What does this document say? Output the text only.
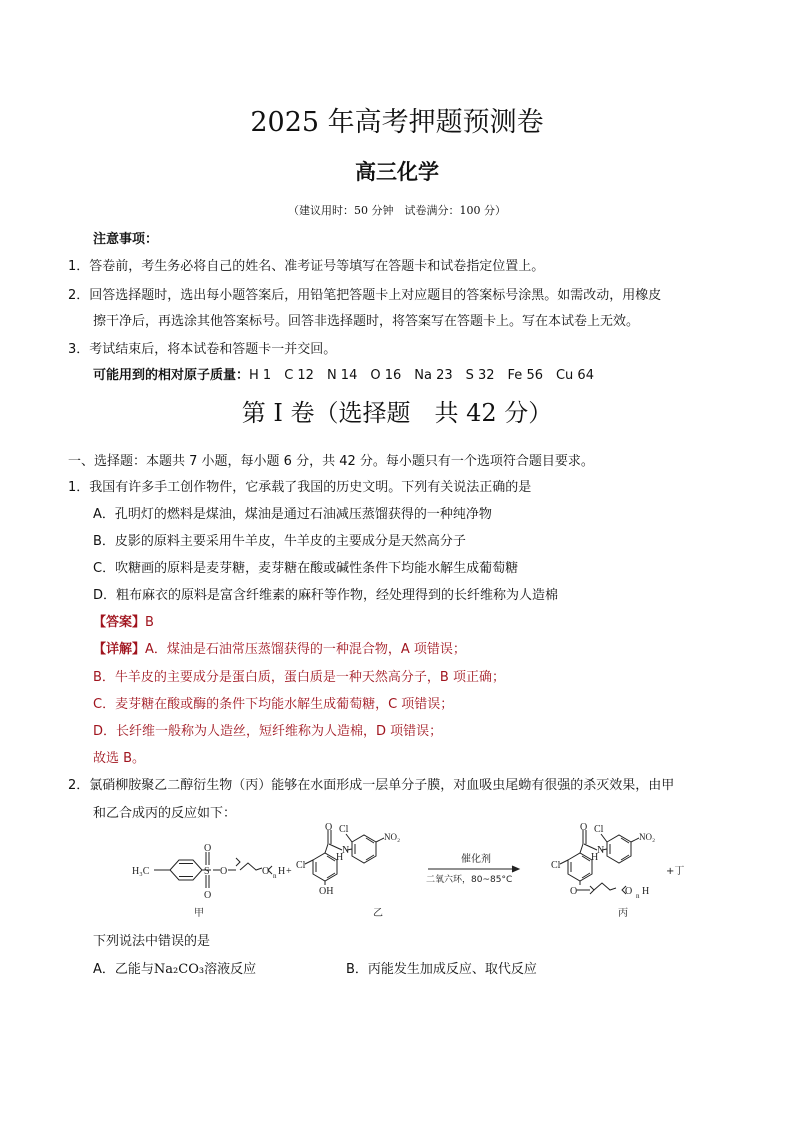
2025 年高考押题预测卷
高三化学
（建议用时：50 分钟　试卷满分：100 分）
注意事项：
1．答卷前，考生务必将自己的姓名、准考证号等填写在答题卡和试卷指定位置上。
2．回答选择题时，选出每小题答案后，用铅笔把答题卡上对应题目的答案标号涂黑。如需改动，用橡皮
擦干净后，再选涂其他答案标号。回答非选择题时，将答案写在答题卡上。写在本试卷上无效。
3．考试结束后，将本试卷和答题卡一并交回。
可能用到的相对原子质量：H 1　C 12　N 14　O 16　Na 23　S 32　Fe 56　Cu 64
第 I 卷（选择题　共 42 分）
一、选择题：本题共 7 小题，每小题 6 分，共 42 分。每小题只有一个选项符合题目要求。
1．我国有许多手工创作物件，它承载了我国的历史文明。下列有关说法正确的是
A．孔明灯的燃料是煤油，煤油是通过石油减压蒸馏获得的一种纯净物
B．皮影的原料主要采用牛羊皮，牛羊皮的主要成分是天然高分子
C．吹糖画的原料是麦芽糖，麦芽糖在酸或碱性条件下均能水解生成葡萄糖
D．粗布麻衣的原料是富含纤维素的麻秆等作物，经处理得到的长纤维称为人造棉
【答案】B
【详解】A．煤油是石油常压蒸馏获得的一种混合物，A 项错误；
B．牛羊皮的主要成分是蛋白质，蛋白质是一种天然高分子，B 项正确；
C．麦芽糖在酸或酶的条件下均能水解生成葡萄糖，C 项错误；
D．长纤维一般称为人造丝，短纤维称为人造棉，D 项错误；
故选 B。
2．氯硝柳胺聚乙二醇衍生物（丙）能够在水面形成一层单分子膜，对血吸虫尾蚴有很强的杀灭效果，由甲
和乙合成丙的反应如下：
H₃C
O
S
O
O	O n H +
Cl
O
H
N
Cl
NO₂
OH
催化剂
二氧六环，80~85°C
Cl
O
H
N
Cl
NO₂
O	O n H
+丁
甲	乙	丙
下列说法中错误的是
A．乙能与Na₂CO₃溶液反应	B．丙能发生加成反应、取代反应
